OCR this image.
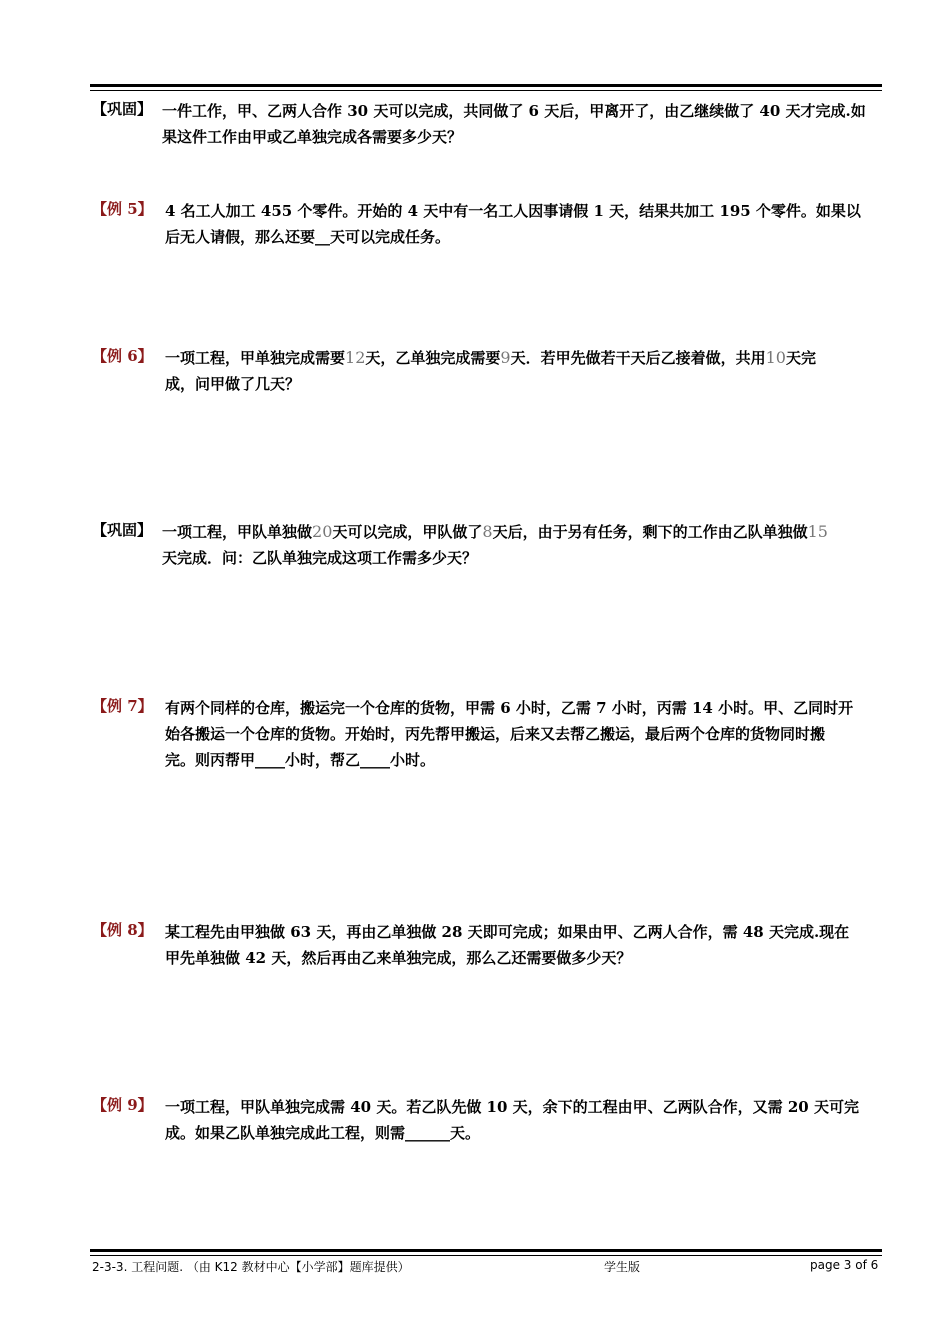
【巩固】 一件工作，甲、乙两人合作 30 天可以完成，共同做了 6 天后，甲离开了，由乙继续做了 40 天才完成.如
果这件工作由甲或乙单独完成各需要多少天？
【例 5】 4 名工人加工 455 个零件。开始的 4 天中有一名工人因事请假 1 天，结果共加工 195 个零件。如果以
后无人请假，那么还要__天可以完成任务。
【例 6】 一项工程，甲单独完成需要12天，乙单独完成需要9天．若甲先做若干天后乙接着做，共用10天完
成，问甲做了几天？
【巩固】 一项工程，甲队单独做20天可以完成，甲队做了8天后，由于另有任务，剩下的工作由乙队单独做15
天完成．问：乙队单独完成这项工作需多少天？
【例 7】 有两个同样的仓库，搬运完一个仓库的货物，甲需 6 小时，乙需 7 小时，丙需 14 小时。甲、乙同时开
始各搬运一个仓库的货物。开始时，丙先帮甲搬运，后来又去帮乙搬运，最后两个仓库的货物同时搬
完。则丙帮甲____小时，帮乙____小时。
【例 8】 某工程先由甲独做 63 天，再由乙单独做 28 天即可完成；如果由甲、乙两人合作，需 48 天完成.现在
甲先单独做 42 天，然后再由乙来单独完成，那么乙还需要做多少天？
【例 9】 一项工程，甲队单独完成需 40 天。若乙队先做 10 天，余下的工程由甲、乙两队合作，又需 20 天可完
成。如果乙队单独完成此工程，则需______天。
2-3-3. 工程问题. （由 K12 教材中心【小学部】题库提供）	学生版	page 3 of 6
